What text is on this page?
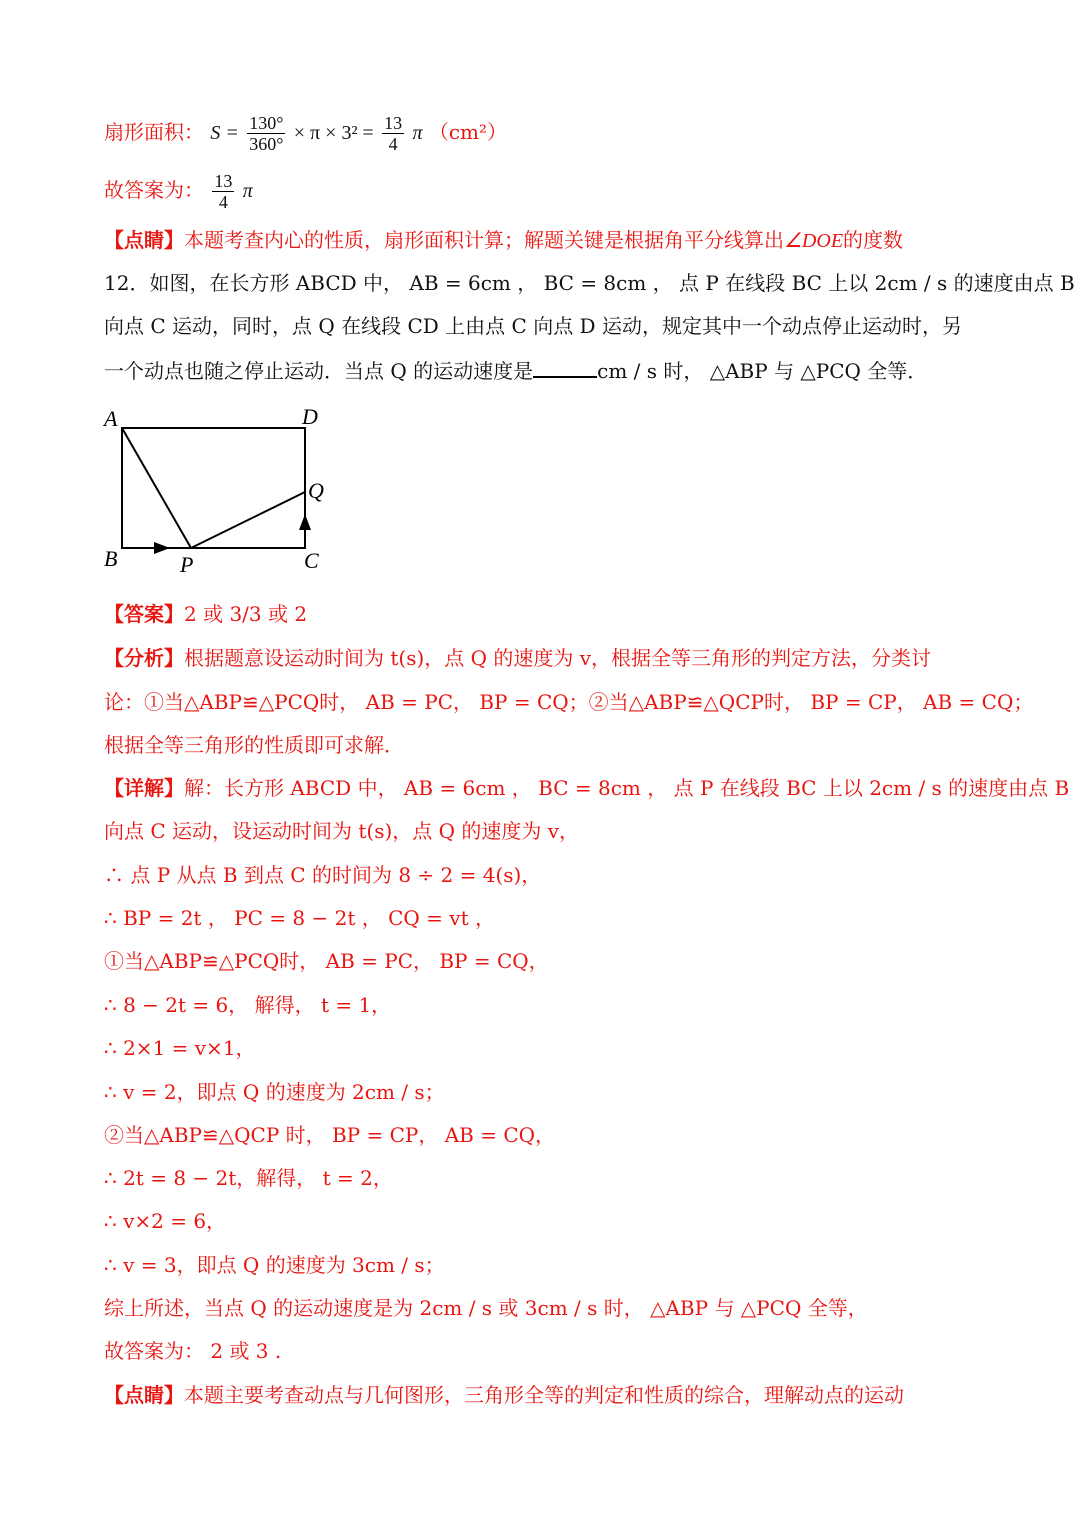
扇形面积： $S = \frac{130^\circ}{360^\circ} \times \pi \times 3^2 = \frac{13}{4}$ π （cm²）
故答案为： $\frac{13}{4}$ π
【点睛】本题考查内心的性质，扇形面积计算；解题关键是根据角平分线算出∠DOE的度数
12．如图，在长方形 ABCD 中， AB = 6cm ， BC = 8cm ， 点 P 在线段 BC 上以 2cm / s 的速度由点 B
向点 C 运动，同时，点 Q 在线段 CD 上由点 C 向点 D 运动，规定其中一个动点停止运动时，另
一个动点也随之停止运动．当点 Q 的运动速度是	cm / s 时， △ABP 与 △PCQ 全等．
A	D
Q
B	P	C
【答案】2 或 3/3 或 2
【分析】根据题意设运动时间为 t(s)，点 Q 的速度为 v，根据全等三角形的判定方法，分类讨
论：①当△ABP≌△PCQ时， AB = PC， BP = CQ；②当△ABP≌△QCP时， BP = CP， AB = CQ；
根据全等三角形的性质即可求解．
【详解】解：长方形 ABCD 中， AB = 6cm ， BC = 8cm ， 点 P 在线段 BC 上以 2cm / s 的速度由点 B
向点 C 运动，设运动时间为 t(s)，点 Q 的速度为 v，
∴ 点 P 从点 B 到点 C 的时间为 8 ÷ 2 = 4(s)，
∴ BP = 2t ， PC = 8 − 2t ， CQ = vt ，
①当△ABP≌△PCQ时， AB = PC， BP = CQ，
∴ 8 − 2t = 6， 解得， t = 1，
∴ 2×1 = v×1，
∴ v = 2，即点 Q 的速度为 2cm / s；
②当△ABP≌△QCP 时， BP = CP， AB = CQ，
∴ 2t = 8 − 2t，解得， t = 2，
∴ v×2 = 6，
∴ v = 3，即点 Q 的速度为 3cm / s；
综上所述，当点 Q 的运动速度是为 2cm / s 或 3cm / s 时， △ABP 与 △PCQ 全等，
故答案为： 2 或 3 .
【点睛】本题主要考查动点与几何图形，三角形全等的判定和性质的综合，理解动点的运动
